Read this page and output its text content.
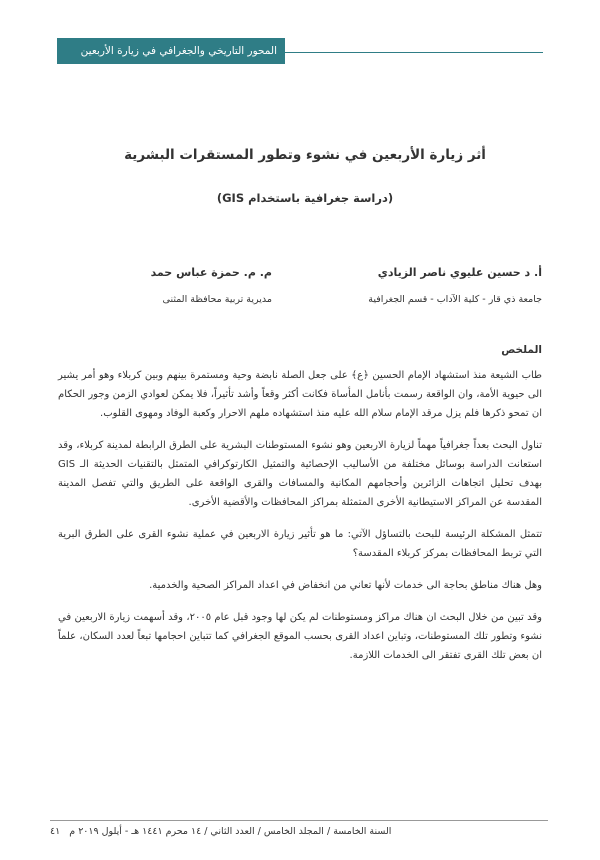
المحور التاريخي والجغرافي في زيارة الأربعين
أثر زيارة الأربعين في نشوء وتطور المستقرات البشرية
(دراسة جغرافية باستخدام GIS)
أ. د حسين عليوي ناصر الزيادي
جامعة ذي قار - كلية الآداب - قسم الجغرافية
م. م. حمزة عباس حمد
مديرية تربية محافظة المثنى
الملخص

طاب الشيعة منذ استشهاد الإمام الحسين ﴿ع﴾ على جعل الصلة نابضة وحية ومستمرة بينهم وبين كربلاء وهو أمر يشير الى حيوية الأمة، وان الواقعة رسمت بأنامل المأساة فكانت أكثر وقعاً وأشد تأثيراً، فلا يمكن لعوادي الزمن وجور الحكام ان تمحو ذكرها فلم يزل مرقد الإمام سلام الله عليه منذ استشهاده ملهم الاحرار وكعبة الوفاد ومهوى القلوب.

تناول البحث بعداً جغرافياً مهماً لزيارة الاربعين وهو نشوء المستوطنات البشرية على الطرق الرابطة لمدينة كربلاء، وقد استعانت الدراسة بوسائل مختلفة من الأساليب الإحصائية والتمثيل الكارتوكرافي المتمثل بالتقنيات الحديثة الـ GIS بهدف تحليل اتجاهات الزائرين وأحجامهم المكانية والمسافات والقرى الواقعة على الطريق والتي تفصل المدينة المقدسة عن المراكز الاستيطانية الأخرى المتمثلة بمراكز المحافظات والأقضية الأخرى.

تتمثل المشكلة الرئيسة للبحث بالتساؤل الآتي: ما هو تأثير زيارة الاربعين في عملية نشوء القرى على الطرق البرية التي تربط المحافظات بمركز كربلاء المقدسة؟

وهل هناك مناطق بحاجة الى خدمات لأنها تعاني من انخفاض في اعداد المراكز الصحية والخدمية.

وقد تبين من خلال البحث ان هناك مراكز ومستوطنات لم يكن لها وجود قبل عام ٢٠٠٥، وقد أسهمت زيارة الاربعين في نشوء وتطور تلك المستوطنات، وتباين اعداد القرى بحسب الموقع الجغرافي كما تتباين احجامها تبعاً لعدد السكان، علماً ان بعض تلك القرى تفتقر الى الخدمات اللازمة.

السنة الخامسة / المجلد الخامس / العدد الثاني / ١٤ محرم ١٤٤١ هـ - أيلول ٢٠١٩ م   ٤١
